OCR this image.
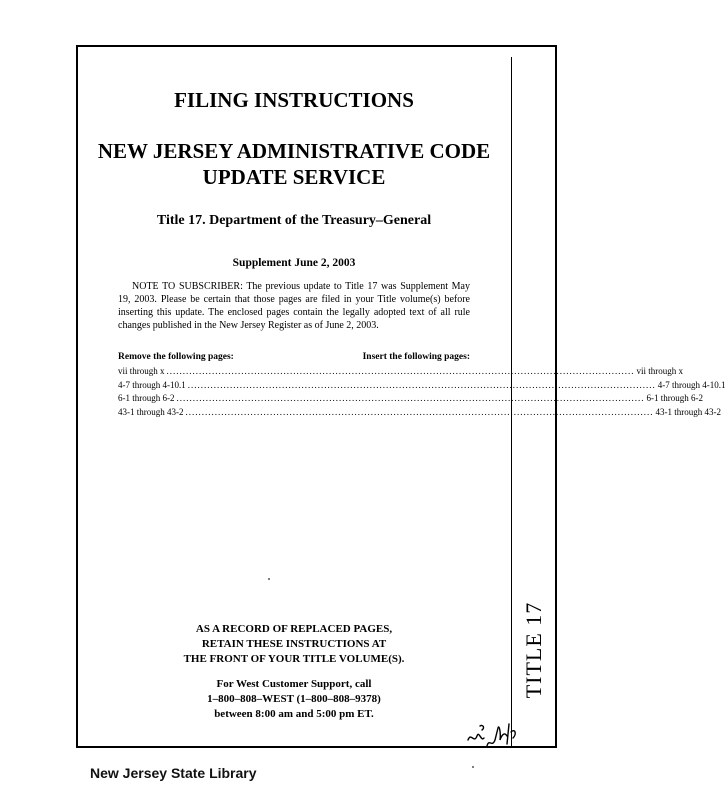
TITLE 17
FILING INSTRUCTIONS
NEW JERSEY ADMINISTRATIVE CODE
UPDATE SERVICE
Title 17. Department of the Treasury–General
Supplement June 2, 2003
NOTE TO SUBSCRIBER: The previous update to Title 17 was Supplement May 19, 2003. Please be certain that those pages are filed in your Title volume(s) before inserting this update. The enclosed pages contain the legally adopted text of all rule changes published in the New Jersey Register as of June 2, 2003.
Remove the following pages:	Insert the following pages:
vii through x ................................................................................................................................................ vii through x
4-7 through 4-10.1 ................................................................................................................................................ 4-7 through 4-10.1
6-1 through 6-2 ................................................................................................................................................ 6-1 through 6-2
43-1 through 43-2 ................................................................................................................................................ 43-1 through 43-2
AS A RECORD OF REPLACED PAGES,
RETAIN THESE INSTRUCTIONS AT
THE FRONT OF YOUR TITLE VOLUME(S).
For West Customer Support, call
1–800–808–WEST (1–800–808–9378)
between 8:00 am and 5:00 pm ET.
New Jersey State Library
